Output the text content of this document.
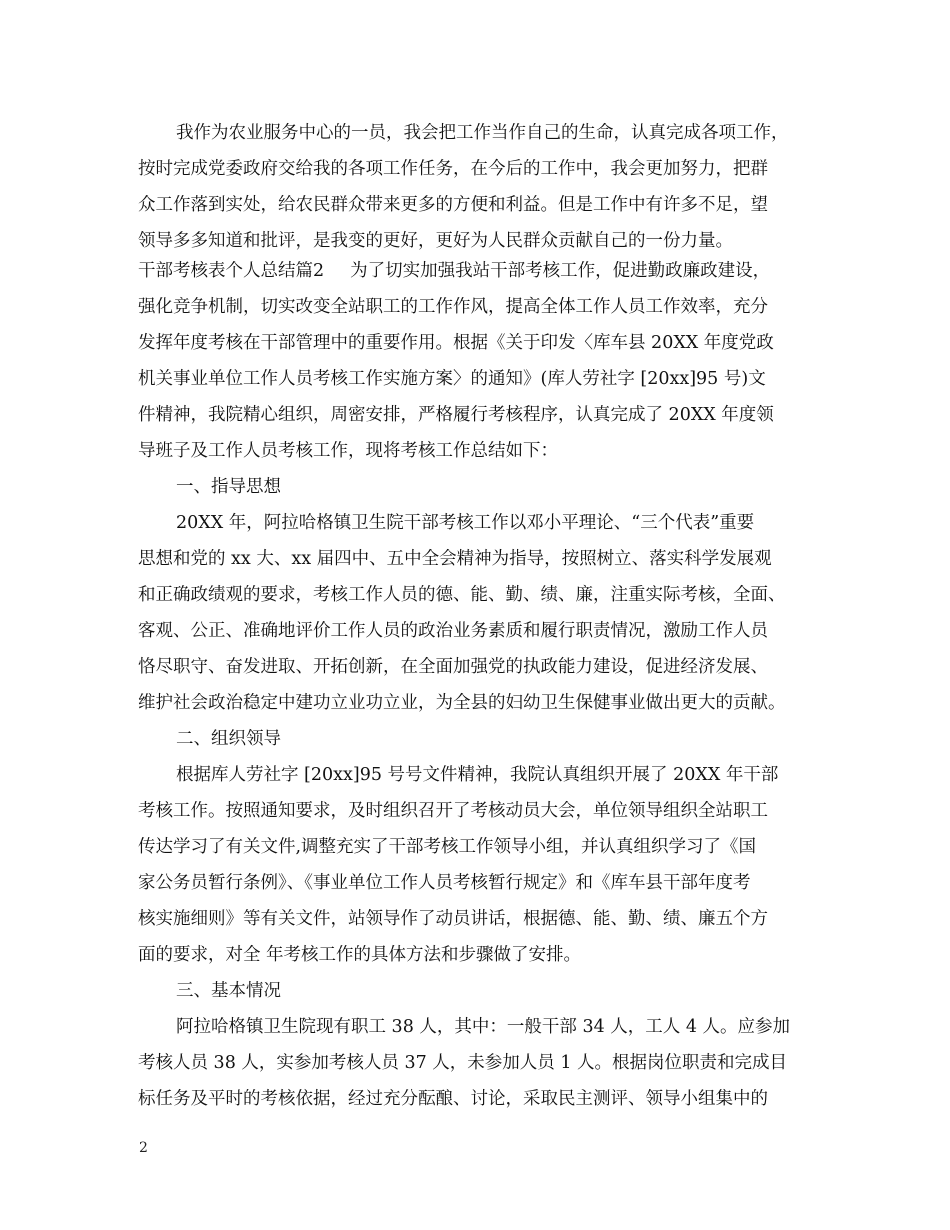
我作为农业服务中心的一员，我会把工作当作自己的生命，认真完成各项工作，
按时完成党委政府交给我的各项工作任务，在今后的工作中，我会更加努力，把群
众工作落到实处，给农民群众带来更多的方便和利益。但是工作中有许多不足，望
领导多多知道和批评，是我变的更好，更好为人民群众贡献自己的一份力量。
干部考核表个人总结篇2 为了切实加强我站干部考核工作，促进勤政廉政建设，
强化竞争机制，切实改变全站职工的工作作风，提高全体工作人员工作效率，充分
发挥年度考核在干部管理中的重要作用。根据《关于印发〈库车县 20XX 年度党政
机关事业单位工作人员考核工作实施方案〉的通知》(库人劳社字 [20xx]95 号)文
件精神，我院精心组织，周密安排，严格履行考核程序，认真完成了 20XX 年度领
导班子及工作人员考核工作，现将考核工作总结如下：
一、指导思想
20XX 年，阿拉哈格镇卫生院干部考核工作以邓小平理论、“三个代表”重要
思想和党的 xx 大、xx 届四中、五中全会精神为指导，按照树立、落实科学发展观
和正确政绩观的要求，考核工作人员的德、能、勤、绩、廉，注重实际考核，全面、
客观、公正、准确地评价工作人员的政治业务素质和履行职责情况，激励工作人员
恪尽职守、奋发进取、开拓创新，在全面加强党的执政能力建设，促进经济发展、
维护社会政治稳定中建功立业功立业，为全县的妇幼卫生保健事业做出更大的贡献。
二、组织领导
根据库人劳社字 [20xx]95 号号文件精神，我院认真组织开展了 20XX 年干部
考核工作。按照通知要求，及时组织召开了考核动员大会，单位领导组织全站职工
传达学习了有关文件,调整充实了干部考核工作领导小组，并认真组织学习了《国
家公务员暂行条例》、《事业单位工作人员考核暂行规定》和《库车县干部年度考
核实施细则》等有关文件，站领导作了动员讲话，根据德、能、勤、绩、廉五个方
面的要求，对全 年考核工作的具体方法和步骤做了安排。
三、基本情况
阿拉哈格镇卫生院现有职工 38 人，其中：一般干部 34 人，工人 4 人。应参加
考核人员 38 人，实参加考核人员 37 人，未参加人员 1 人。根据岗位职责和完成目
标任务及平时的考核依据，经过充分酝酿、讨论，采取民主测评、领导小组集中的
2
